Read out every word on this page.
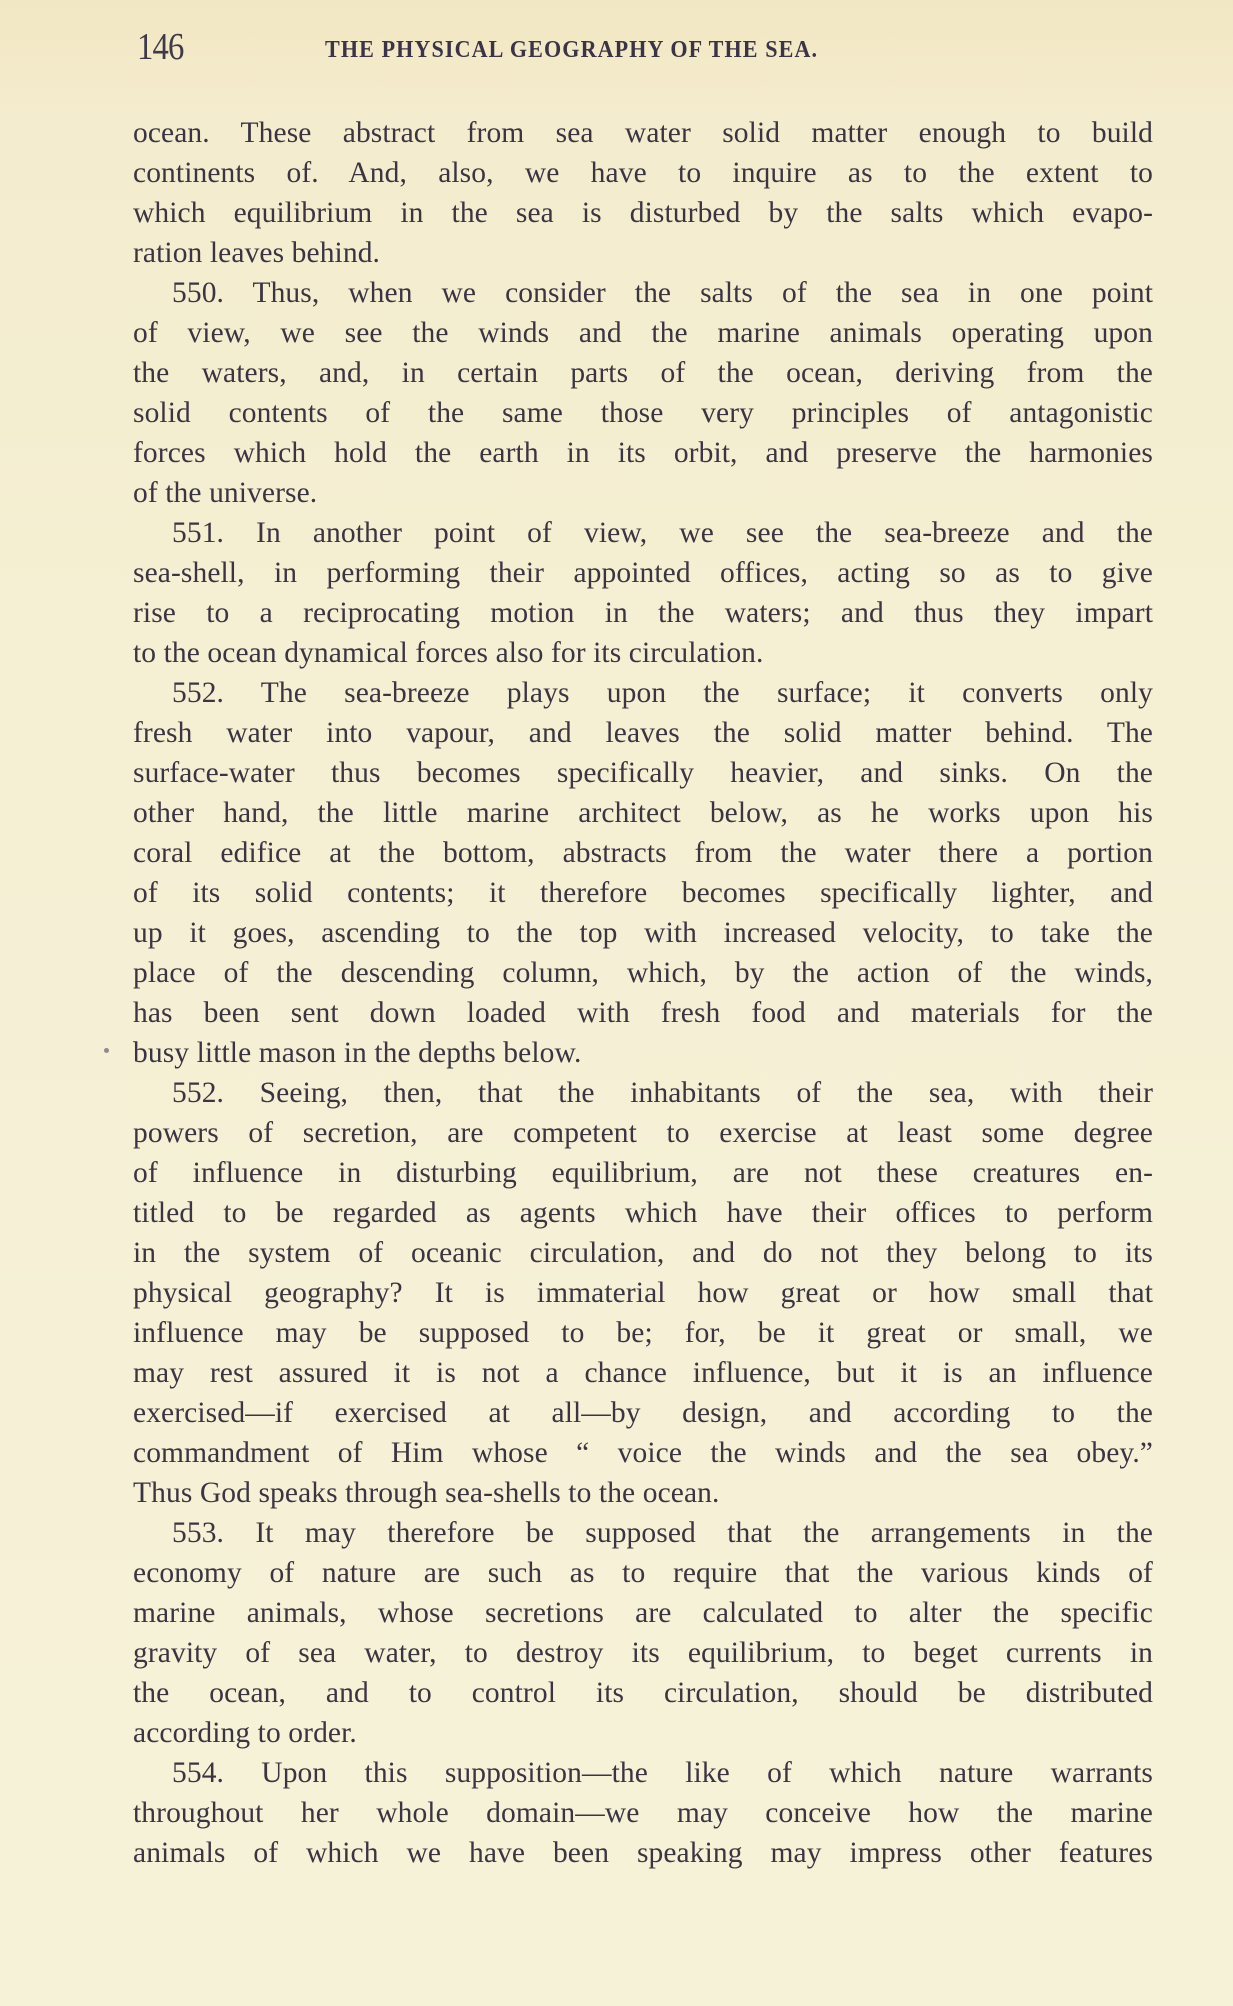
146	THE PHYSICAL GEOGRAPHY OF THE SEA.
ocean. These abstract from sea water solid matter enough to build
continents of. And, also, we have to inquire as to the extent to
which equilibrium in the sea is disturbed by the salts which evapo-
ration leaves behind.
550. Thus, when we consider the salts of the sea in one point
of view, we see the winds and the marine animals operating upon
the waters, and, in certain parts of the ocean, deriving from the
solid contents of the same those very principles of antagonistic
forces which hold the earth in its orbit, and preserve the harmonies
of the universe.
551. In another point of view, we see the sea-breeze and the
sea-shell, in performing their appointed offices, acting so as to give
rise to a reciprocating motion in the waters; and thus they impart
to the ocean dynamical forces also for its circulation.
552. The sea-breeze plays upon the surface; it converts only
fresh water into vapour, and leaves the solid matter behind. The
surface-water thus becomes specifically heavier, and sinks. On the
other hand, the little marine architect below, as he works upon his
coral edifice at the bottom, abstracts from the water there a portion
of its solid contents; it therefore becomes specifically lighter, and
up it goes, ascending to the top with increased velocity, to take the
place of the descending column, which, by the action of the winds,
has been sent down loaded with fresh food and materials for the
busy little mason in the depths below.
552. Seeing, then, that the inhabitants of the sea, with their
powers of secretion, are competent to exercise at least some degree
of influence in disturbing equilibrium, are not these creatures en-
titled to be regarded as agents which have their offices to perform
in the system of oceanic circulation, and do not they belong to its
physical geography? It is immaterial how great or how small that
influence may be supposed to be; for, be it great or small, we
may rest assured it is not a chance influence, but it is an influence
exercised—if exercised at all—by design, and according to the
commandment of Him whose “ voice the winds and the sea obey.”
Thus God speaks through sea-shells to the ocean.
553. It may therefore be supposed that the arrangements in the
economy of nature are such as to require that the various kinds of
marine animals, whose secretions are calculated to alter the specific
gravity of sea water, to destroy its equilibrium, to beget currents in
the ocean, and to control its circulation, should be distributed
according to order.
554. Upon this supposition—the like of which nature warrants
throughout her whole domain—we may conceive how the marine
animals of which we have been speaking may impress other features
